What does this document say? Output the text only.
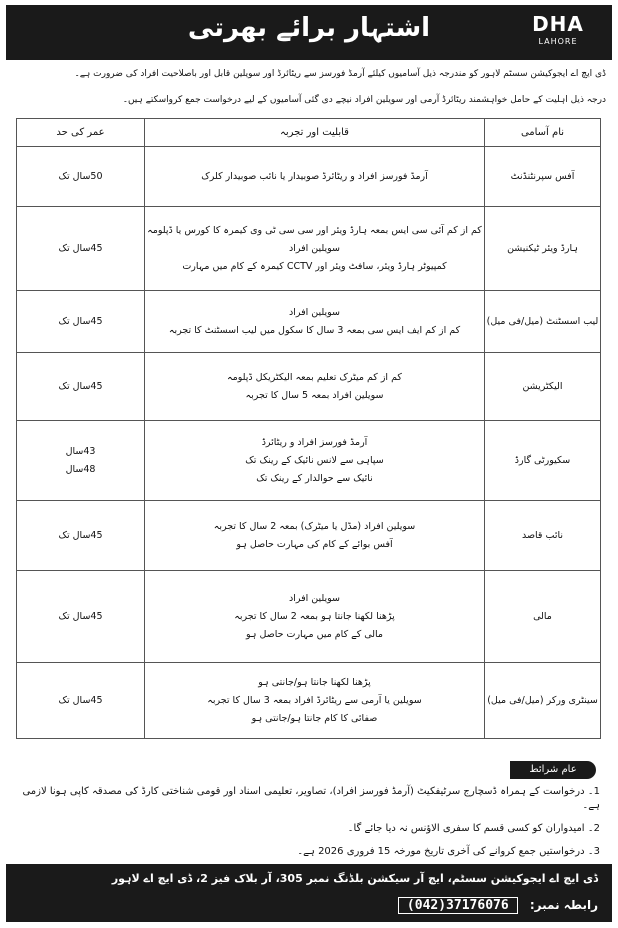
اشتہار برائے بھرتی	DHA
LAHORE
ڈی ایچ اے ایجوکیشن سسٹم لاہور کو مندرجہ ذیل آسامیوں کیلئے آرمڈ فورسز سے ریٹائرڈ اور سویلین قابل اور باصلاحیت افراد کی ضرورت ہے۔
درجہ ذیل اہلیت کے حامل خواہشمند ریٹائرڈ آرمی اور سویلین افراد نیچے دی گئی آسامیوں کے لیے درخواست جمع کرواسکتے ہیں۔
نام آسامی	قابلیت اور تجربہ	عمر کی حد
آفس سپرنٹنڈنٹ	آرمڈ فورسز افراد و ریٹائرڈ صوبیدار یا نائب صوبیدار کلرک	50سال تک

ہارڈ ویئر ٹیکنیشن	کم از کم آئی سی ایس بمعہ ہارڈ ویئر اور سی سی ٹی وی کیمرہ کا کورس یا ڈپلومہ
سویلین افراد
کمپیوٹر ہارڈ ویئر، سافٹ ویئر اور CCTV کیمرہ کے کام میں مہارت	45سال تک

لیب اسسٹنٹ (میل/فی میل)	سویلین افراد
کم از کم ایف ایس سی بمعہ 3 سال کا سکول میں لیب اسسٹنٹ کا تجربہ	45سال تک

الیکٹریشن	کم از کم میٹرک تعلیم بمعہ الیکٹریکل ڈپلومہ
سویلین افراد بمعہ 5 سال کا تجربہ	45سال تک

سکیورٹی گارڈ	آرمڈ فورسز افراد و ریٹائرڈ
سپاہی سے لانس نائیک کے رینک تک
نائیک سے حوالدار کے رینک تک	43سال
48سال

نائب قاصد	سویلین افراد (مڈل یا میٹرک) بمعہ 2 سال کا تجربہ
آفس بوائے کے کام کی مہارت حاصل ہو	45سال تک

مالی	سویلین افراد
پڑھنا لکھنا جانتا ہو بمعہ 2 سال کا تجربہ
مالی کے کام میں مہارت حاصل ہو	45سال تک

سینٹری ورکر (میل/فی میل)	پڑھنا لکھنا جانتا ہو/جانتی ہو
سویلین یا آرمی سے ریٹائرڈ افراد بمعہ 3 سال کا تجربہ
صفائی کا کام جانتا ہو/جانتی ہو	45سال تک
عام شرائط
1۔ درخواست کے ہمراہ ڈسچارج سرٹیفکیٹ (آرمڈ فورسز افراد)، تصاویر، تعلیمی اسناد اور قومی شناختی کارڈ کی مصدقہ کاپی ہونا لازمی ہے۔
2۔ امیدواران کو کسی قسم کا سفری الاؤنس نہ دیا جائے گا۔
3۔ درخواستیں جمع کروانے کی آخری تاریخ مورخہ 15 فروری 2026 ہے۔
ڈی ایچ اے ایجوکیشن سسٹم، ایچ آر سیکشن بلڈنگ نمبر 305، آر بلاک فیز 2، ڈی ایچ اے لاہور
رابطہ نمبر: (042)37176076
